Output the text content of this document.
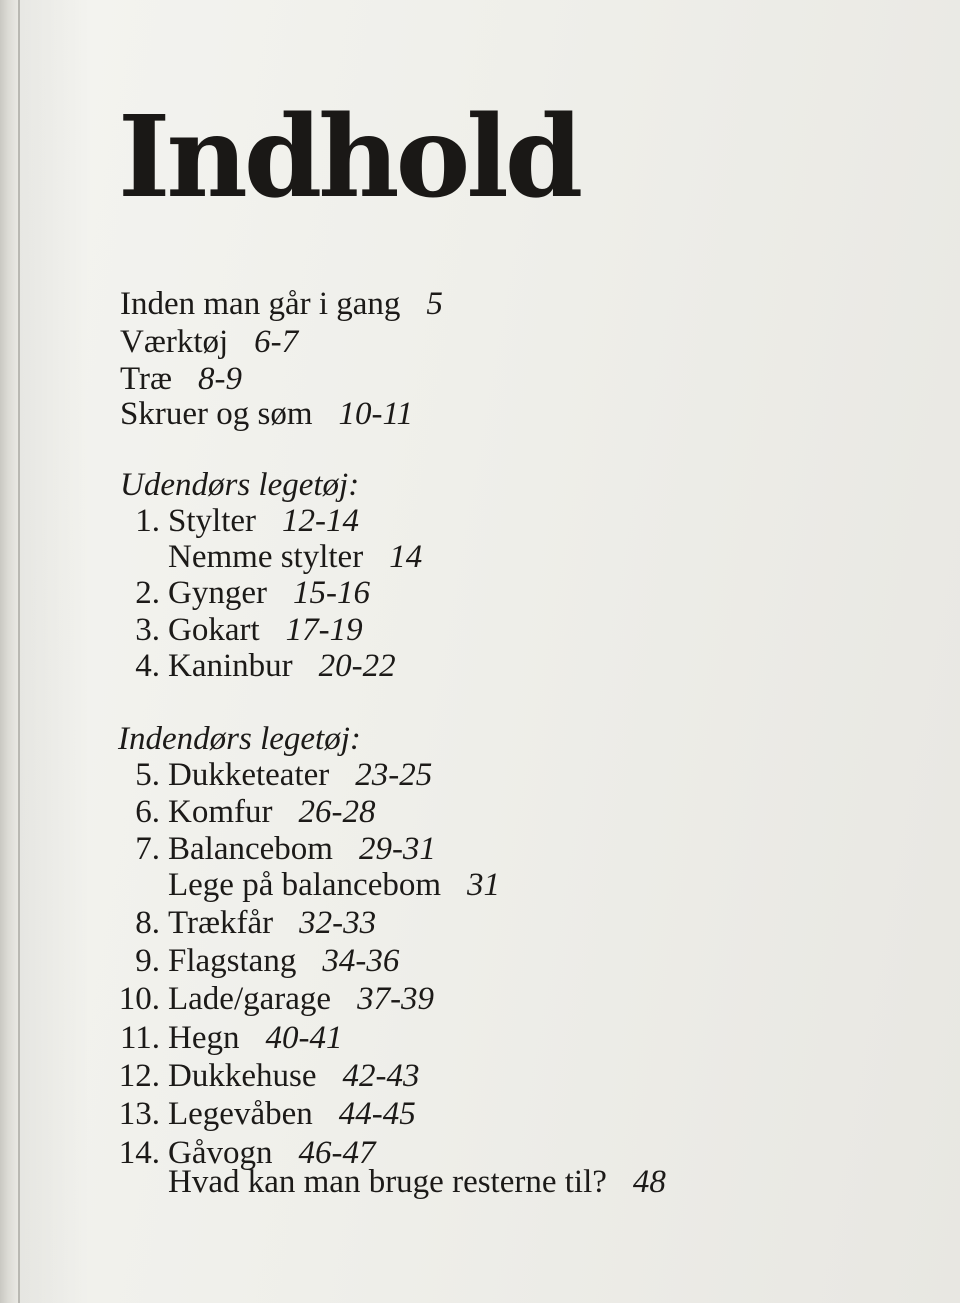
Indhold
Inden man går i gang 5
Værktøj 6-7
Træ 8-9
Skruer og søm 10-11
Udendørs legetøj:
1. Stylter 12-14
Nemme stylter 14
2. Gynger 15-16
3. Gokart 17-19
4. Kaninbur 20-22
Indendørs legetøj:
5. Dukketeater 23-25
6. Komfur 26-28
7. Balancebom 29-31
Lege på balancebom 31
8. Trækfår 32-33
9. Flagstang 34-36
10. Lade/garage 37-39
11. Hegn 40-41
12. Dukkehuse 42-43
13. Legevåben 44-45
14. Gåvogn 46-47
Hvad kan man bruge resterne til? 48
